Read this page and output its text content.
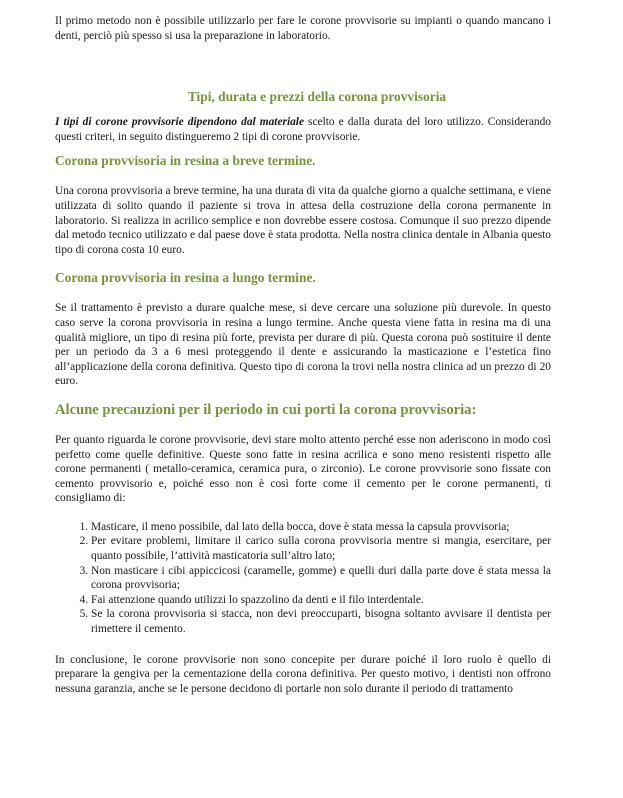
Il primo metodo non è possibile utilizzarlo per fare le corone provvisorie su impianti o quando mancano i denti, perciò più spesso si usa la preparazione in laboratorio.

Tipi, durata e prezzi della corona provvisoria

I tipi di corone provvisorie dipendono dal materiale scelto e dalla durata del loro utilizzo. Considerando questi criteri, in seguito distingueremo 2 tipi di corone provvisorie.

Corona provvisoria in resina a breve termine.

Una corona provvisoria a breve termine, ha una durata di vita da qualche giorno a qualche settimana, e viene utilizzata di solito quando il paziente si trova in attesa della costruzione della corona permanente in laboratorio. Si realizza in acrilico semplice e non dovrebbe essere costosa. Comunque il suo prezzo dipende dal metodo tecnico utilizzato e dal paese dove è stata prodotta. Nella nostra clinica dentale in Albania questo tipo di corona costa 10 euro.

Corona provvisoria in resina a lungo termine.

Se il trattamento è previsto a durare qualche mese, si deve cercare una soluzione più durevole. In questo caso serve la corona provvisoria in resina a lungo termine. Anche questa viene fatta in resina ma di una qualità migliore, un tipo di resina più forte, prevista per durare di più. Questa corona può sostituire il dente per un periodo da 3 a 6 mesi proteggendo il dente e assicurando la masticazione e l’estetica fino all’applicazione della corona definitiva. Questo tipo di corona la trovi nella nostra clinica ad un prezzo di 20 euro.

Alcune precauzioni per il periodo in cui porti la corona provvisoria:

Per quanto riguarda le corone provvisorie, devi stare molto attento perché esse non aderiscono in modo così perfetto come quelle definitive. Queste sono fatte in resina acrilica e sono meno resistenti rispetto alle corone permanenti ( metallo-ceramica, ceramica pura, o zirconio). Le corone provvisorie sono fissate con cemento provvisorio e, poiché esso non è così forte come il cemento per le corone permanenti, ti consigliamo di:

1. Masticare, il meno possibile, dal lato della bocca, dove è stata messa la capsula provvisoria;
2. Per evitare problemi, limitare il carico sulla corona provvisoria mentre si mangia, esercitare, per quanto possibile, l’attività masticatoria sull’altro lato;
3. Non masticare i cibi appiccicosi (caramelle, gomme) e quelli duri dalla parte dove è stata messa la corona provvisoria;
4. Fai attenzione quando utilizzi lo spazzolino da denti e il filo interdentale.
5. Se la corona provvisoria si stacca, non devi preoccuparti, bisogna soltanto avvisare il dentista per rimettere il cemento.

In conclusione, le corone provvisorie non sono concepite per durare poiché il loro ruolo è quello di preparare la gengiva per la cementazione della corona definitiva. Per questo motivo, i dentisti non offrono nessuna garanzia, anche se le persone decidono di portarle non solo durante il periodo di trattamento
